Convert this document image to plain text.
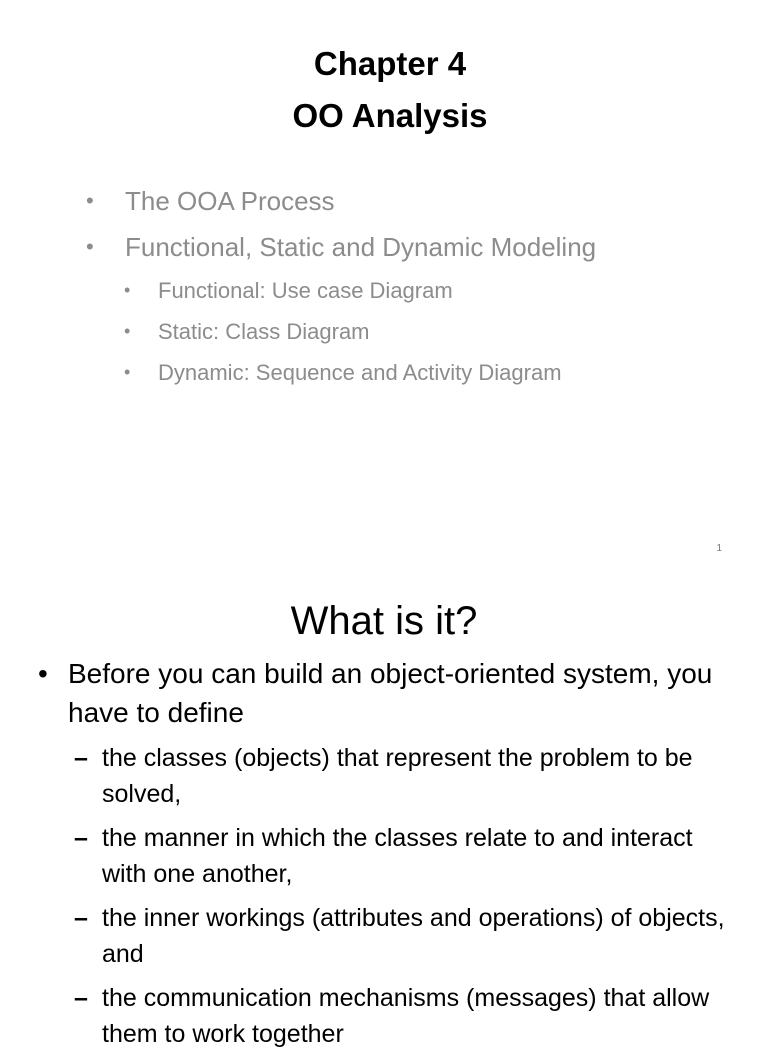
Chapter 4
OO Analysis
• The OOA Process
• Functional, Static and Dynamic Modeling
• Functional: Use case Diagram
• Static: Class Diagram
• Dynamic: Sequence and Activity Diagram
1
What is it?
• Before you can build an object-oriented system, you have to define
– the classes (objects) that represent the problem to be solved,
– the manner in which the classes relate to and interact with one another,
– the inner workings (attributes and operations) of objects, and
– the communication mechanisms (messages) that allow them to work together
